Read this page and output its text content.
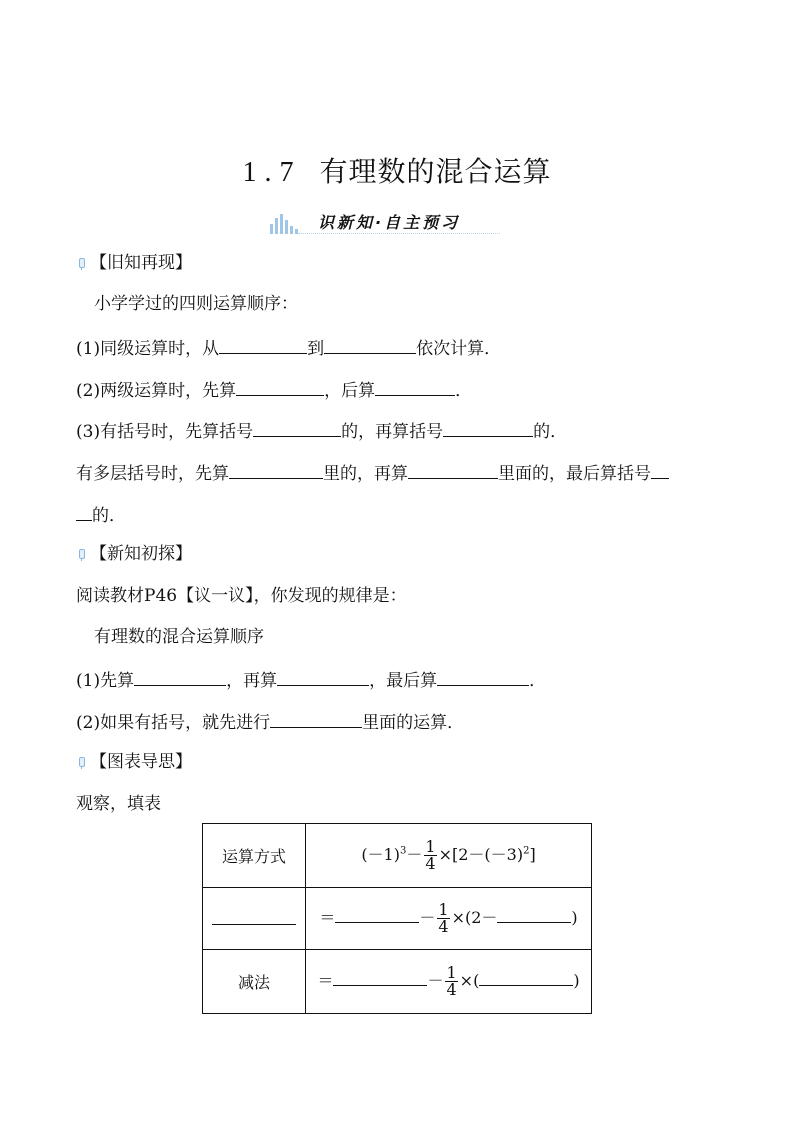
1.7 有理数的混合运算
识新知·自主预习
【旧知再现】
小学学过的四则运算顺序：
(1)同级运算时，从	到	依次计算．
(2)两级运算时，先算	，后算	．
(3)有括号时，先算括号	的，再算括号	的．
有多层括号时，先算	里的，再算	里面的，最后算括号
的．
【新知初探】
阅读教材P46【议一议】，你发现的规律是：
有理数的混合运算顺序
(1)先算	，再算	，最后算	．
(2)如果有括号，就先进行	里面的运算．
【图表导思】
观察，填表
运算方式	$(-1)^3- \frac{1}{4} \times[2-(-3)^2]$
	＝ － $\frac{1}{4} \times(2-$ )
减法	＝ － $\frac{1}{4}$ ×( )
